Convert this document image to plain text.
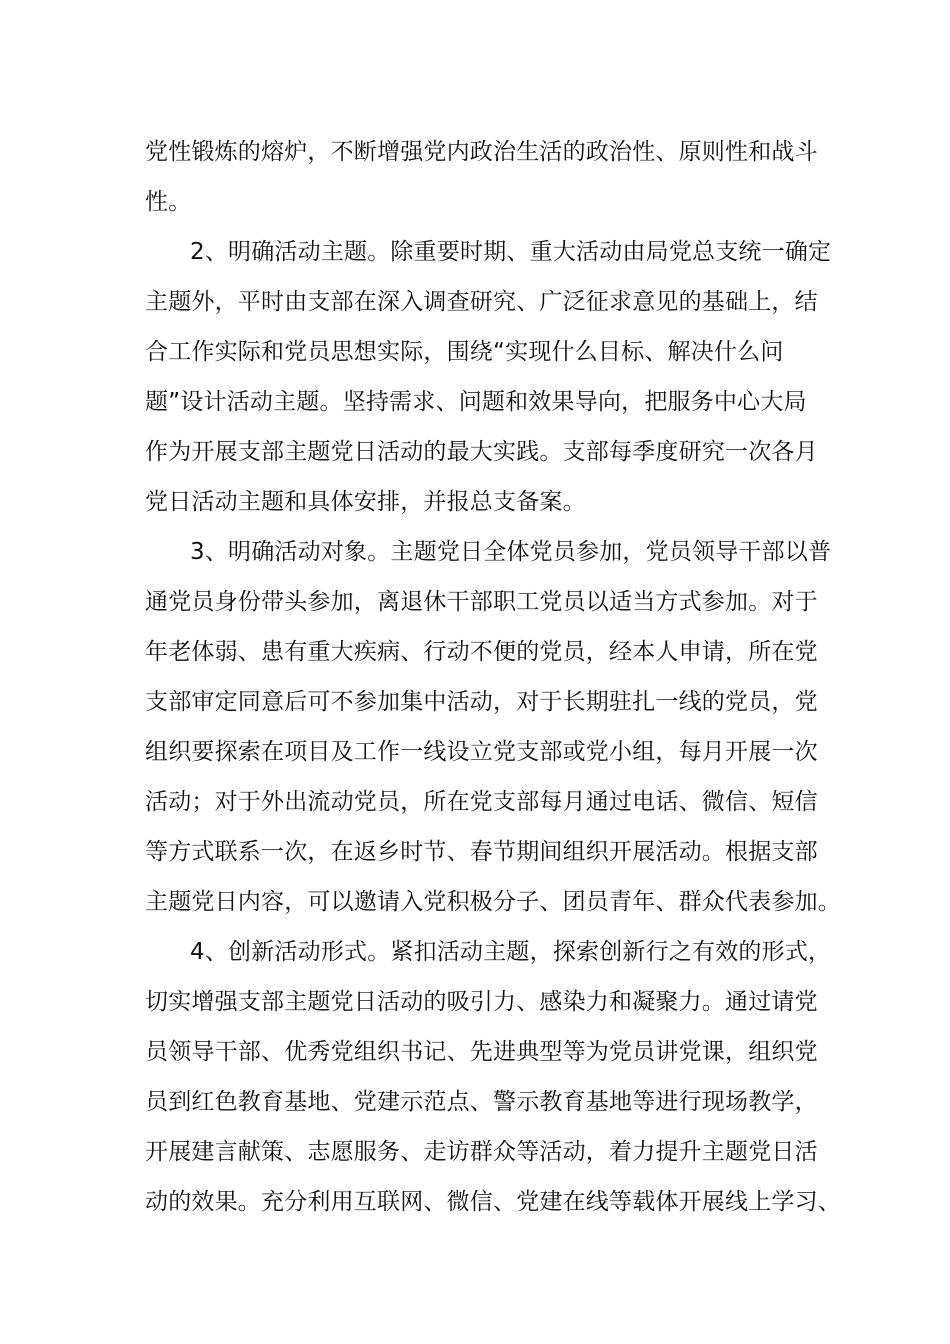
党性锻炼的熔炉，不断增强党内政治生活的政治性、原则性和战斗
性。
2、明确活动主题。除重要时期、重大活动由局党总支统一确定
主题外，平时由支部在深入调查研究、广泛征求意见的基础上，结
合工作实际和党员思想实际，围绕“实现什么目标、解决什么问
题”设计活动主题。坚持需求、问题和效果导向，把服务中心大局
作为开展支部主题党日活动的最大实践。支部每季度研究一次各月
党日活动主题和具体安排，并报总支备案。
3、明确活动对象。主题党日全体党员参加，党员领导干部以普
通党员身份带头参加，离退休干部职工党员以适当方式参加。对于
年老体弱、患有重大疾病、行动不便的党员，经本人申请，所在党
支部审定同意后可不参加集中活动，对于长期驻扎一线的党员，党
组织要探索在项目及工作一线设立党支部或党小组，每月开展一次
活动；对于外出流动党员，所在党支部每月通过电话、微信、短信
等方式联系一次，在返乡时节、春节期间组织开展活动。根据支部
主题党日内容，可以邀请入党积极分子、团员青年、群众代表参加。
4、创新活动形式。紧扣活动主题，探索创新行之有效的形式，
切实增强支部主题党日活动的吸引力、感染力和凝聚力。通过请党
员领导干部、优秀党组织书记、先进典型等为党员讲党课，组织党
员到红色教育基地、党建示范点、警示教育基地等进行现场教学，
开展建言献策、志愿服务、走访群众等活动，着力提升主题党日活
动的效果。充分利用互联网、微信、党建在线等载体开展线上学习、
